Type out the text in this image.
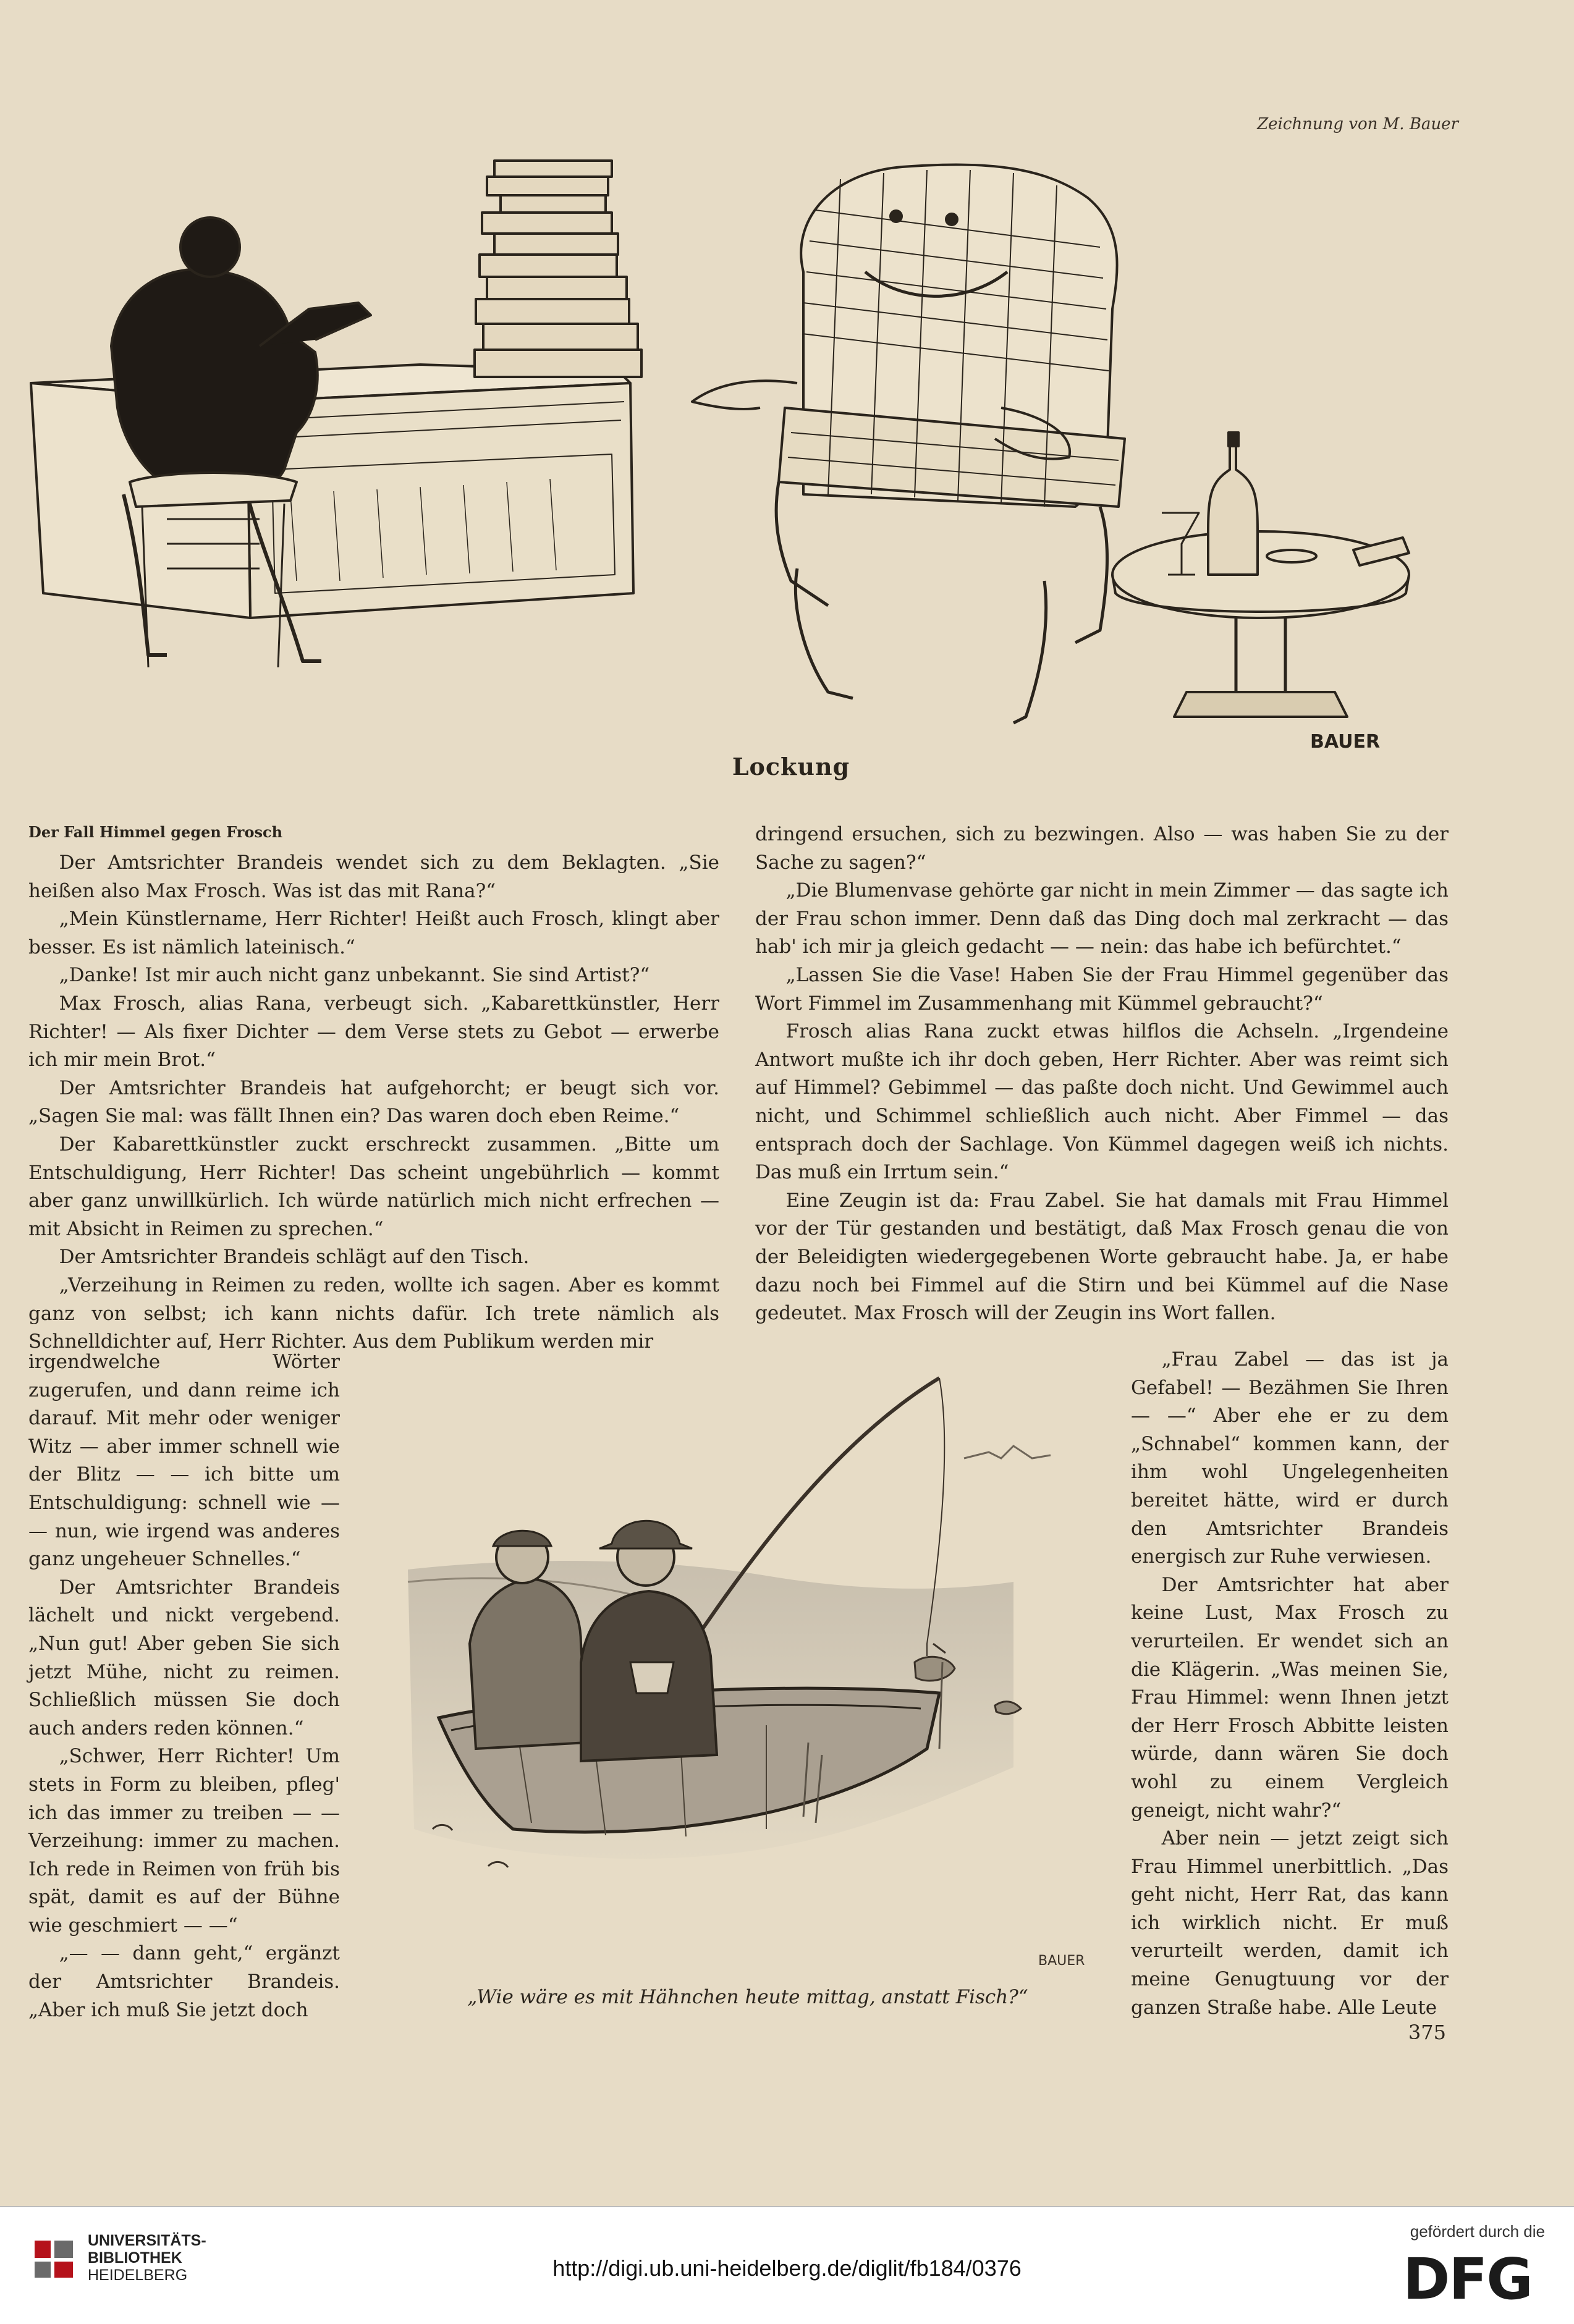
Zeichnung von M. Bauer
BAUER
Lockung
Der Fall Himmel gegen Frosch

Der Amtsrichter Brandeis wendet sich zu dem Beklagten. „Sie heißen also Max Frosch. Was ist das mit Rana?“

„Mein Künstlername, Herr Richter! Heißt auch Frosch, klingt aber besser. Es ist nämlich lateinisch.“

„Danke! Ist mir auch nicht ganz unbekannt. Sie sind Artist?“

Max Frosch, alias Rana, verbeugt sich. „Kabarettkünstler, Herr Richter! — Als fixer Dichter — dem Verse stets zu Gebot — erwerbe ich mir mein Brot.“

Der Amtsrichter Brandeis hat aufgehorcht; er beugt sich vor. „Sagen Sie mal: was fällt Ihnen ein? Das waren doch eben Reime.“

Der Kabarettkünstler zuckt erschreckt zusammen. „Bitte um Entschuldigung, Herr Richter! Das scheint ungebührlich — kommt aber ganz unwillkürlich. Ich würde natürlich mich nicht erfrechen — mit Absicht in Reimen zu sprechen.“

Der Amtsrichter Brandeis schlägt auf den Tisch.

„Verzeihung in Reimen zu reden, wollte ich sagen. Aber es kommt ganz von selbst; ich kann nichts dafür. Ich trete nämlich als Schnelldichter auf, Herr Richter. Aus dem Publikum werden mir

irgendwelche Wörter zugerufen, und dann reime ich darauf. Mit mehr oder weniger Witz — aber immer schnell wie der Blitz — — ich bitte um Entschuldigung: schnell wie — — nun, wie irgend was anderes ganz ungeheuer Schnelles.“

Der Amtsrichter Brandeis lächelt und nickt vergebend. „Nun gut! Aber geben Sie sich jetzt Mühe, nicht zu reimen. Schließlich müssen Sie doch auch anders reden können.“

„Schwer, Herr Richter! Um stets in Form zu bleiben, pfleg' ich das immer zu treiben — — Verzeihung: immer zu machen. Ich rede in Reimen von früh bis spät, damit es auf der Bühne wie geschmiert — —“

„— — dann geht,“ ergänzt der Amtsrichter Brandeis. „Aber ich muß Sie jetzt doch

dringend ersuchen, sich zu bezwingen. Also — was haben Sie zu der Sache zu sagen?“

„Die Blumenvase gehörte gar nicht in mein Zimmer — das sagte ich der Frau schon immer. Denn daß das Ding doch mal zerkracht — das hab' ich mir ja gleich gedacht — — nein: das habe ich befürchtet.“

„Lassen Sie die Vase! Haben Sie der Frau Himmel gegenüber das Wort Fimmel im Zusammenhang mit Kümmel gebraucht?“

Frosch alias Rana zuckt etwas hilflos die Achseln. „Irgendeine Antwort mußte ich ihr doch geben, Herr Richter. Aber was reimt sich auf Himmel? Gebimmel — das paßte doch nicht. Und Gewimmel auch nicht, und Schimmel schließlich auch nicht. Aber Fimmel — das entsprach doch der Sachlage. Von Kümmel dagegen weiß ich nichts. Das muß ein Irrtum sein.“

Eine Zeugin ist da: Frau Zabel. Sie hat damals mit Frau Himmel vor der Tür gestanden und bestätigt, daß Max Frosch genau die von der Beleidigten wiedergegebenen Worte gebraucht habe. Ja, er habe dazu noch bei Fimmel auf die Stirn und bei Kümmel auf die Nase gedeutet. Max Frosch will der Zeugin ins Wort fallen.

„Frau Zabel — das ist ja Gefabel! — Bezähmen Sie Ihren — —“ Aber ehe er zu dem „Schnabel“ kommen kann, der ihm wohl Ungelegenheiten bereitet hätte, wird er durch den Amtsrichter Brandeis energisch zur Ruhe verwiesen.

Der Amtsrichter hat aber keine Lust, Max Frosch zu verurteilen. Er wendet sich an die Klägerin. „Was meinen Sie, Frau Himmel: wenn Ihnen jetzt der Herr Frosch Abbitte leisten würde, dann wären Sie doch wohl zu einem Vergleich geneigt, nicht wahr?“

Aber nein — jetzt zeigt sich Frau Himmel unerbittlich. „Das geht nicht, Herr Rat, das kann ich wirklich nicht. Er muß verurteilt werden, damit ich meine Genugtuung vor der ganzen Straße habe. Alle Leute

BAUER
„Wie wäre es mit Hähnchen heute mittag, anstatt Fisch?“
375
UNIVERSITÄTS-
BIBLIOTHEK
HEIDELBERG	http://digi.ub.uni-heidelberg.de/diglit/fb184/0376
gefördert durch die
DFG
